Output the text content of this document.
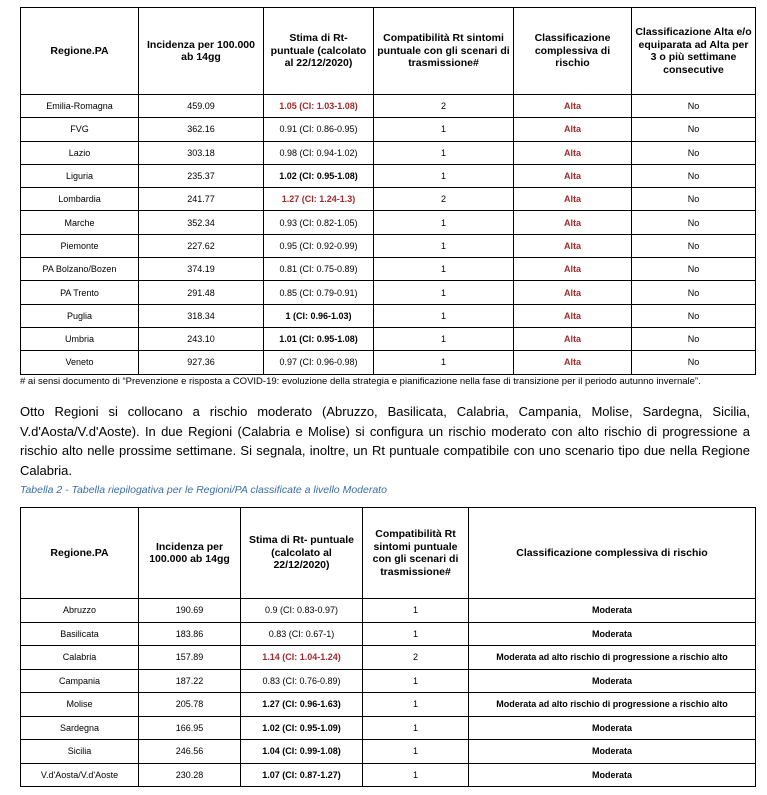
Regione.PA	Incidenza per 100.000 ab 14gg	Stima di Rt- puntuale (calcolato al 22/12/2020)	Compatibilità Rt sintomi puntuale con gli scenari di trasmissione#	Classificazione complessiva di rischio	Classificazione Alta e/o equiparata ad Alta per 3 o più settimane consecutive
Emilia-Romagna	459.09	1.05 (CI: 1.03-1.08)	2	Alta	No
FVG	362.16	0.91 (CI: 0.86-0.95)	1	Alta	No
Lazio	303.18	0.98 (CI: 0.94-1.02)	1	Alta	No
Liguria	235.37	1.02 (CI: 0.95-1.08)	1	Alta	No
Lombardia	241.77	1.27 (CI: 1.24-1.3)	2	Alta	No
Marche	352.34	0.93 (CI: 0.82-1.05)	1	Alta	No
Piemonte	227.62	0.95 (CI: 0.92-0.99)	1	Alta	No
PA Bolzano/Bozen	374.19	0.81 (CI: 0.75-0.89)	1	Alta	No
PA Trento	291.48	0.85 (CI: 0.79-0.91)	1	Alta	No
Puglia	318.34	1 (CI: 0.96-1.03)	1	Alta	No
Umbria	243.10	1.01 (CI: 0.95-1.08)	1	Alta	No
Veneto	927.36	0.97 (CI: 0.96-0.98)	1	Alta	No
# ai sensi documento di “Prevenzione e risposta a COVID-19: evoluzione della strategia e pianificazione nella fase di transizione per il periodo autunno invernale”.
Otto Regioni si collocano a rischio moderato (Abruzzo, Basilicata, Calabria, Campania, Molise, Sardegna, Sicilia, V.d'Aosta/V.d'Aoste). In due Regioni (Calabria e Molise) si configura un rischio moderato con alto rischio di progressione a rischio alto nelle prossime settimane. Si segnala, inoltre, un Rt puntuale compatibile con uno scenario tipo due nella Regione Calabria.
Tabella 2 - Tabella riepilogativa per le Regioni/PA classificate a livello Moderato
Regione.PA	Incidenza per 100.000 ab 14gg	Stima di Rt- puntuale (calcolato al 22/12/2020)	Compatibilità Rt sintomi puntuale con gli scenari di trasmissione#	Classificazione complessiva di rischio
Abruzzo	190.69	0.9 (CI: 0.83-0.97)	1	Moderata
Basilicata	183.86	0.83 (CI: 0.67-1)	1	Moderata
Calabria	157.89	1.14 (CI: 1.04-1.24)	2	Moderata ad alto rischio di progressione a rischio alto
Campania	187.22	0.83 (CI: 0.76-0.89)	1	Moderata
Molise	205.78	1.27 (CI: 0.96-1.63)	1	Moderata ad alto rischio di progressione a rischio alto
Sardegna	166.95	1.02 (CI: 0.95-1.09)	1	Moderata
Sicilia	246.56	1.04 (CI: 0.99-1.08)	1	Moderata
V.d'Aosta/V.d'Aoste	230.28	1.07 (CI: 0.87-1.27)	1	Moderata
